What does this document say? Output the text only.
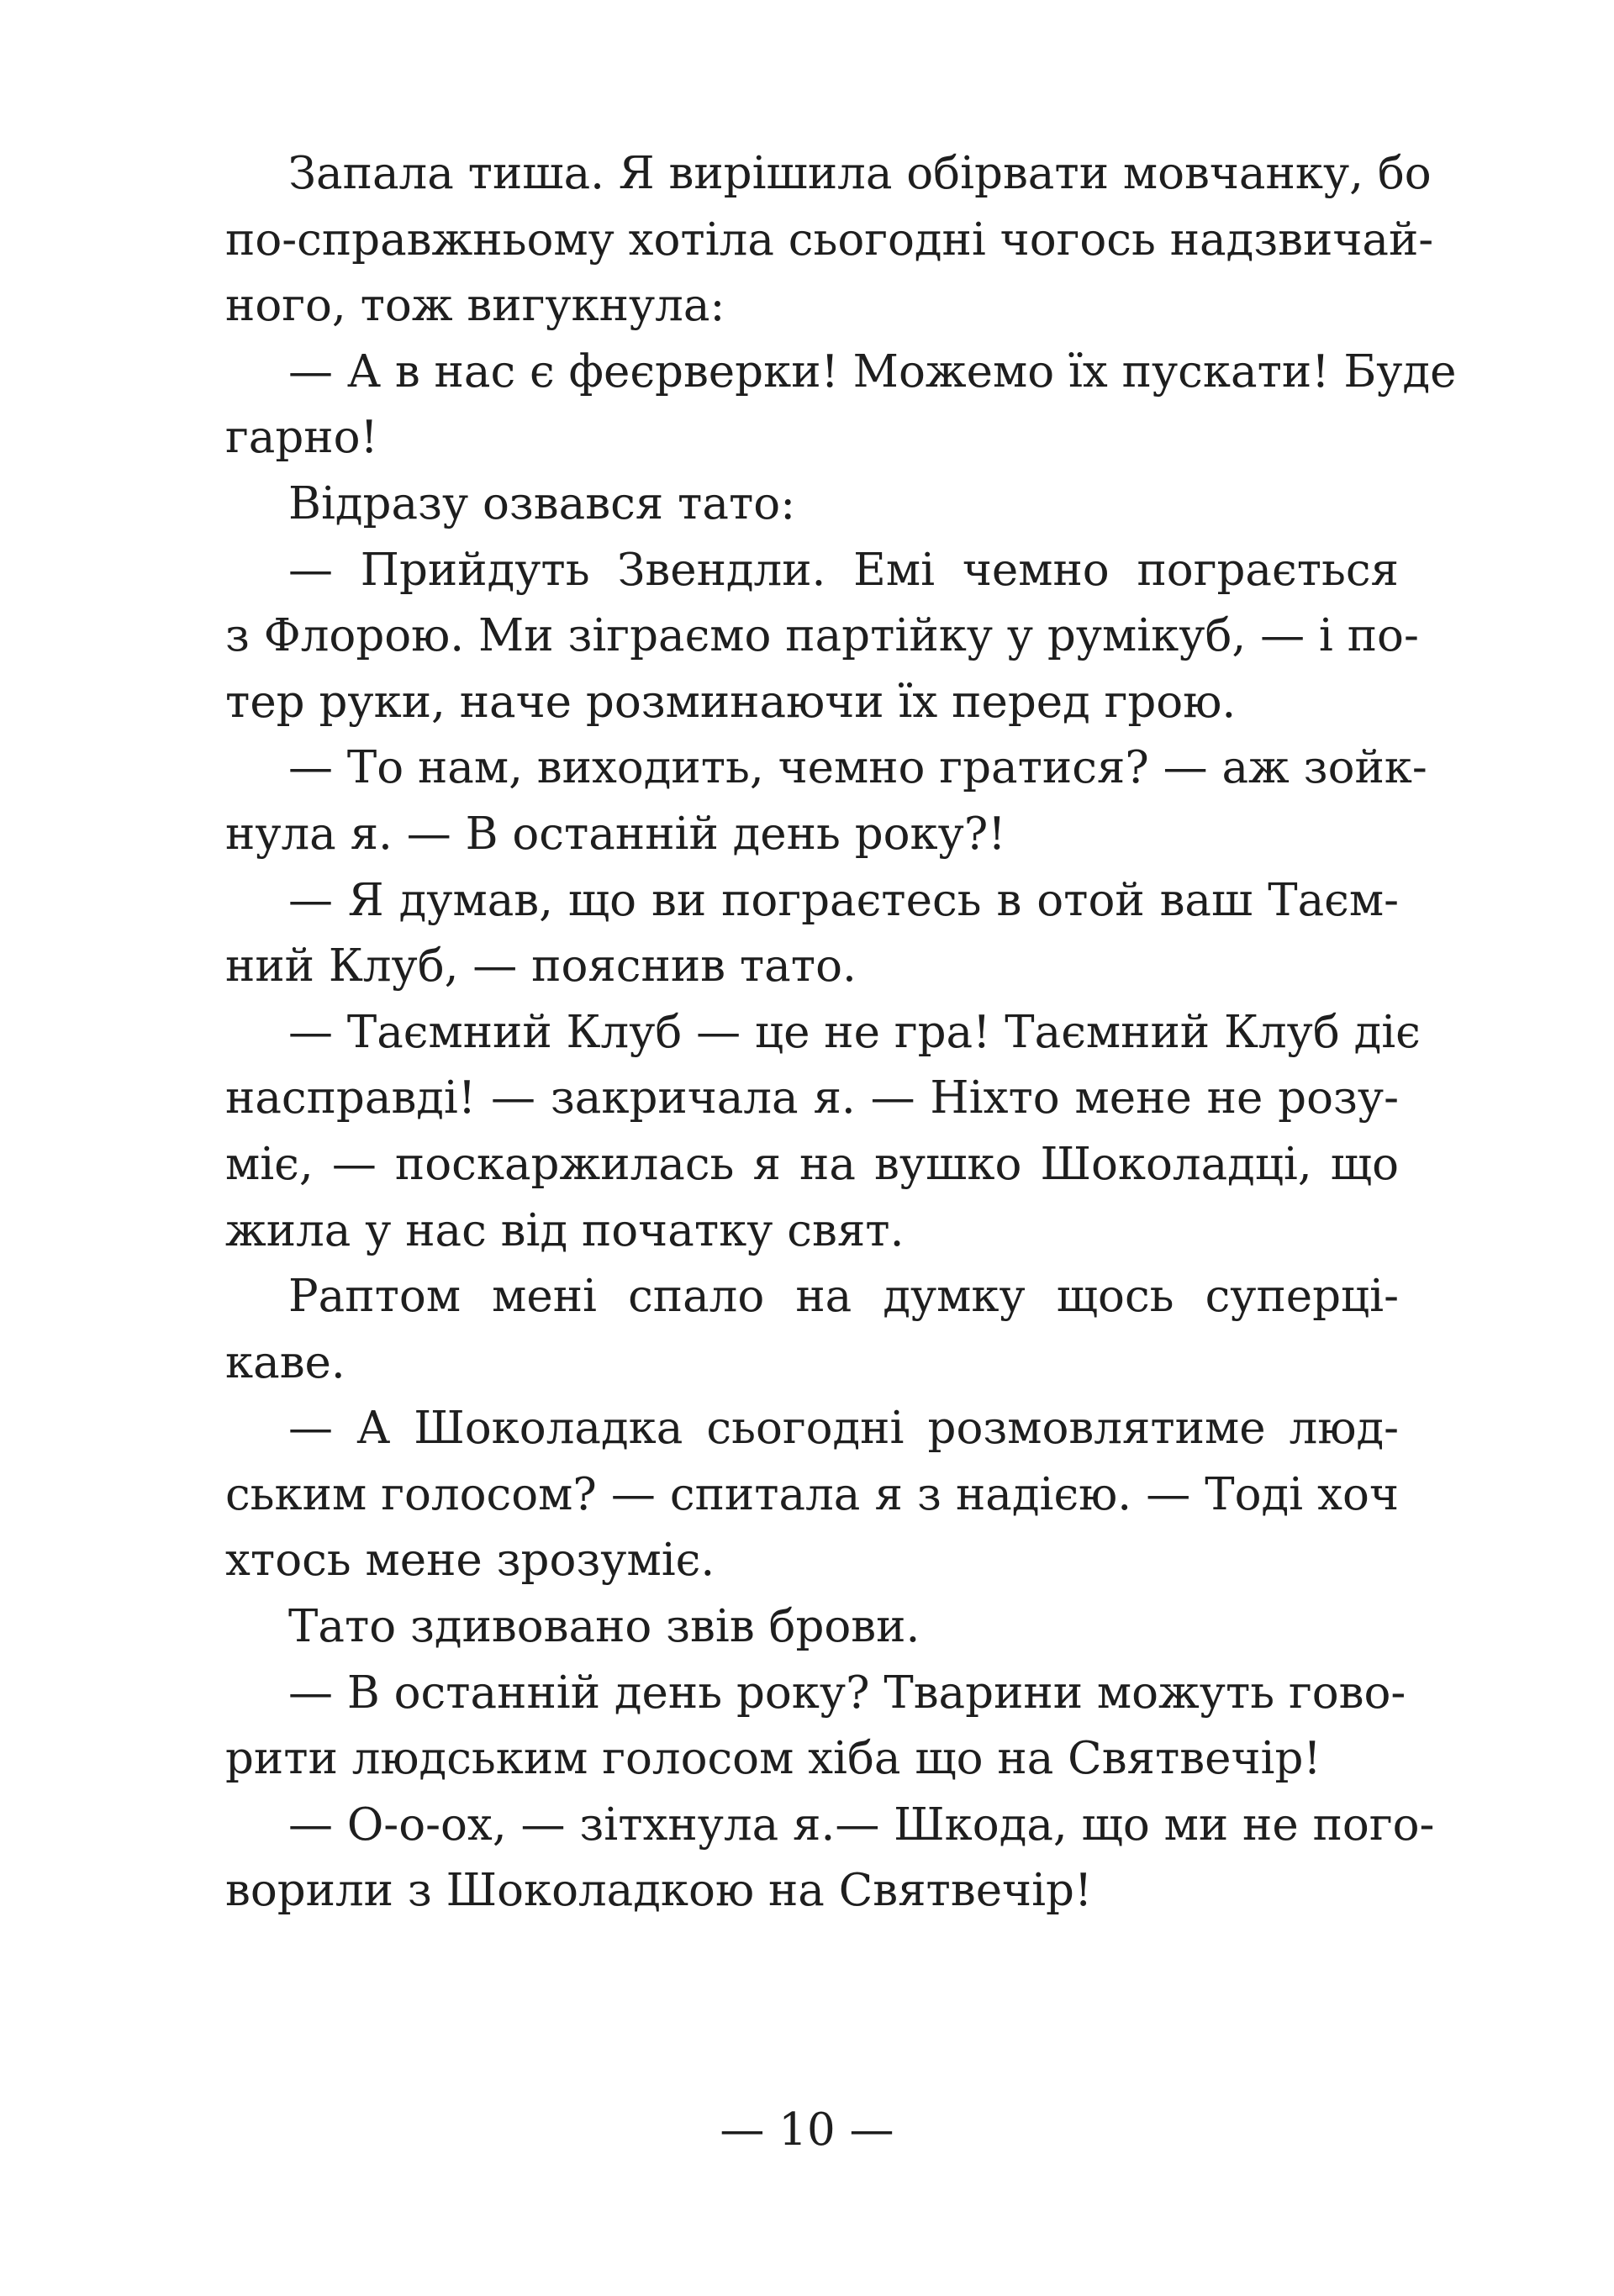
Запала тиша. Я вирішила обірвати мовчанку, бо
по-справжньому хотіла сьогодні чогось надзвичай-
ного, тож вигукнула:
— А в нас є феєрверки! Можемо їх пускати! Буде
гарно!
Відразу озвався тато:
— Прийдуть Звендли. Емі чемно пограється
з Флорою. Ми зіграємо партійку у румікуб, — і по-
тер руки, наче розминаючи їх перед грою.
— То нам, виходить, чемно гратися? — аж зойк-
нула я. — В останній день року?!
— Я думав, що ви пограєтесь в отой ваш Таєм-
ний Клуб, — пояснив тато.
— Таємний Клуб — це не гра! Таємний Клуб діє
насправді! — закричала я. — Ніхто мене не розу-
міє, — поскаржилась я на вушко Шоколадці, що
жила у нас від початку свят.
Раптом мені спало на думку щось суперці-
каве.
— А Шоколадка сьогодні розмовлятиме люд-
ським голосом? — спитала я з надією. — Тоді хоч
хтось мене зрозуміє.
Тато здивовано звів брови.
— В останній день року? Тварини можуть гово-
рити людським голосом хіба що на Святвечір!
— О-о-ох, — зітхнула я.— Шкода, що ми не пого-
ворили з Шоколадкою на Святвечір!
— 10 —
